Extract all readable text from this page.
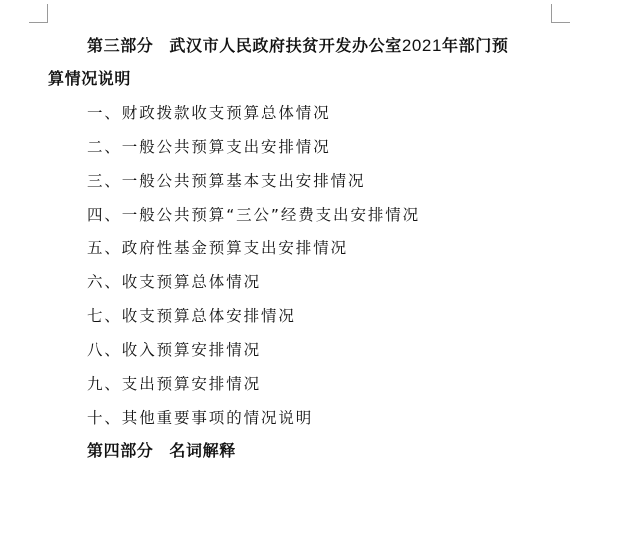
第三部分 武汉市人民政府扶贫开发办公室2021年部门预
算情况说明
一、财政拨款收支预算总体情况
二、一般公共预算支出安排情况
三、一般公共预算基本支出安排情况
四、一般公共预算“三公”经费支出安排情况
五、政府性基金预算支出安排情况
六、收支预算总体情况
七、收支预算总体安排情况
八、收入预算安排情况
九、支出预算安排情况
十、其他重要事项的情况说明
第四部分 名词解释
